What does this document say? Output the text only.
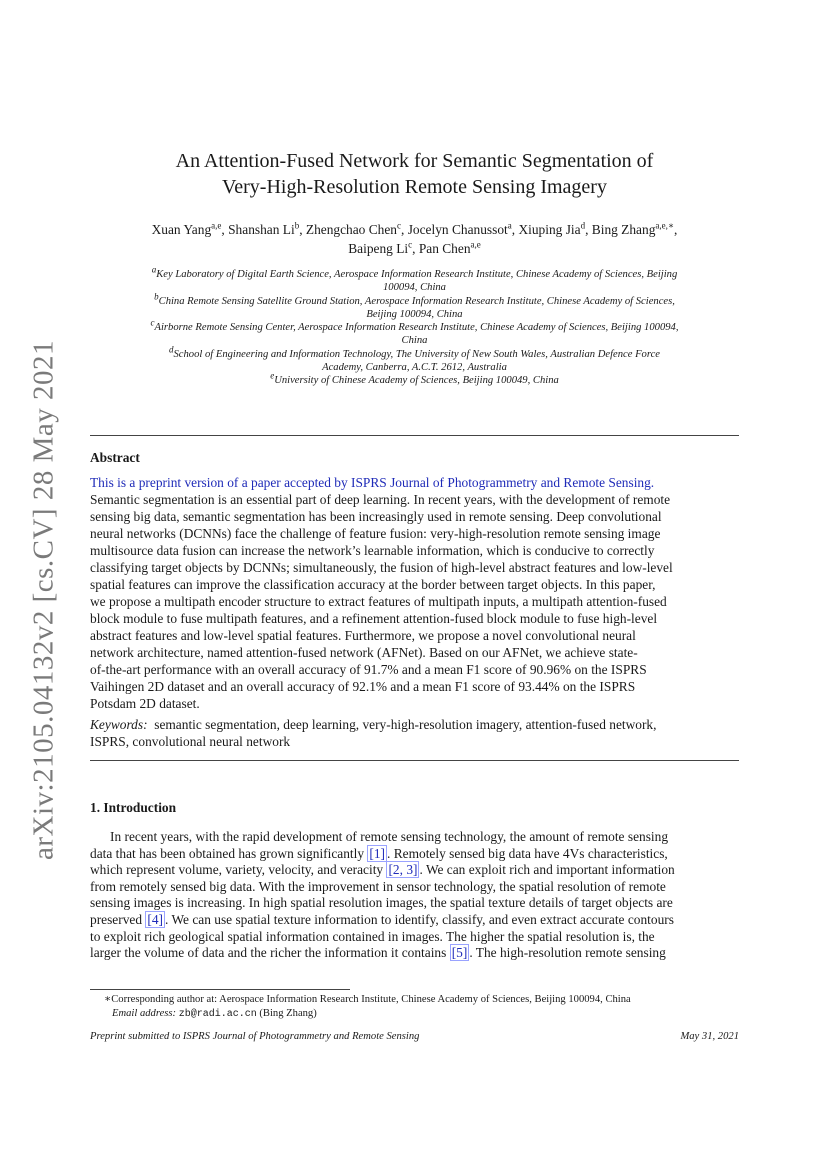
arXiv:2105.04132v2 [cs.CV] 28 May 2021
An Attention-Fused Network for Semantic Segmentation of
Very-High-Resolution Remote Sensing Imagery
Xuan Yang$^{a,e}$, Shanshan Li$^b$, Zhengchao Chen$^c$, Jocelyn Chanussot$^a$, Xiuping Jia$^d$, Bing Zhang$^{a,e,∗}$,
Baipeng Li$^c$, Pan Chen$^{a,e}$
$^a$Key Laboratory of Digital Earth Science, Aerospace Information Research Institute, Chinese Academy of Sciences, Beijing
100094, China
$^b$China Remote Sensing Satellite Ground Station, Aerospace Information Research Institute, Chinese Academy of Sciences,
Beijing 100094, China
$^c$Airborne Remote Sensing Center, Aerospace Information Research Institute, Chinese Academy of Sciences, Beijing 100094,
China
$^d$School of Engineering and Information Technology, The University of New South Wales, Australian Defence Force
Academy, Canberra, A.C.T. 2612, Australia
$^e$University of Chinese Academy of Sciences, Beijing 100049, China
Abstract
This is a preprint version of a paper accepted by ISPRS Journal of Photogrammetry and Remote Sensing.
Semantic segmentation is an essential part of deep learning. In recent years, with the development of remote
sensing big data, semantic segmentation has been increasingly used in remote sensing. Deep convolutional
neural networks (DCNNs) face the challenge of feature fusion: very-high-resolution remote sensing image
multisource data fusion can increase the network’s learnable information, which is conducive to correctly
classifying target objects by DCNNs; simultaneously, the fusion of high-level abstract features and low-level
spatial features can improve the classification accuracy at the border between target objects. In this paper,
we propose a multipath encoder structure to extract features of multipath inputs, a multipath attention-fused
block module to fuse multipath features, and a refinement attention-fused block module to fuse high-level
abstract features and low-level spatial features. Furthermore, we propose a novel convolutional neural
network architecture, named attention-fused network (AFNet). Based on our AFNet, we achieve state-
of-the-art performance with an overall accuracy of 91.7% and a mean F1 score of 90.96% on the ISPRS
Vaihingen 2D dataset and an overall accuracy of 92.1% and a mean F1 score of 93.44% on the ISPRS
Potsdam 2D dataset.
Keywords: semantic segmentation, deep learning, very-high-resolution imagery, attention-fused network,
ISPRS, convolutional neural network
1. Introduction
In recent years, with the rapid development of remote sensing technology, the amount of remote sensing
data that has been obtained has grown significantly [1] . Remotely sensed big data have 4Vs characteristics,
which represent volume, variety, velocity, and veracity [2, 3] . We can exploit rich and important information
from remotely sensed big data. With the improvement in sensor technology, the spatial resolution of remote
sensing images is increasing. In high spatial resolution images, the spatial texture details of target objects are
preserved [4] . We can use spatial texture information to identify, classify, and even extract accurate contours
to exploit rich geological spatial information contained in images. The higher the spatial resolution is, the
larger the volume of data and the richer the information it contains [5] . The high-resolution remote sensing
∗Corresponding author at: Aerospace Information Research Institute, Chinese Academy of Sciences, Beijing 100094, China
Email address: zb@radi.ac.cn (Bing Zhang)
Preprint submitted to ISPRS Journal of Photogrammetry and Remote Sensing	May 31, 2021
